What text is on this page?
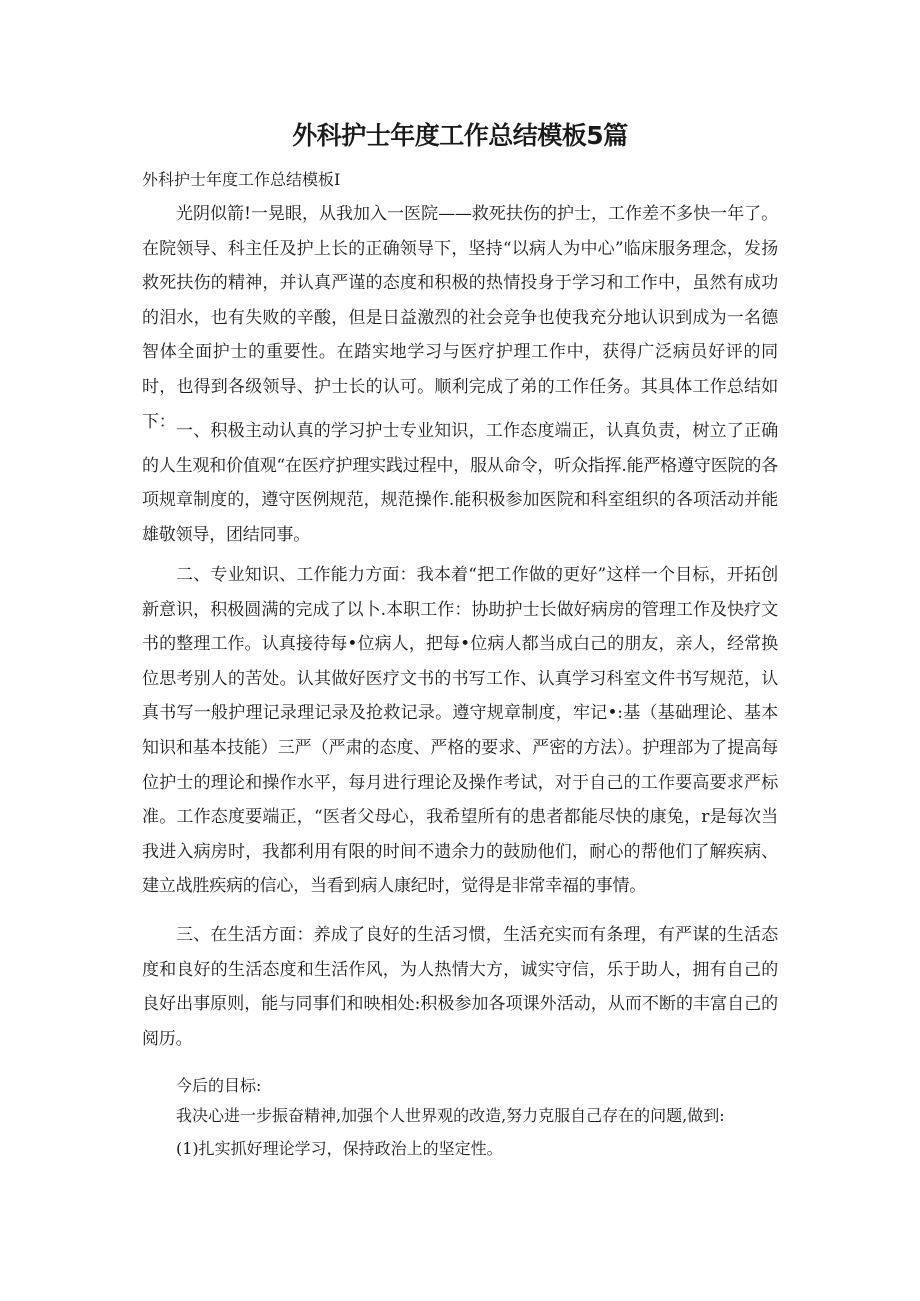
外科护士年度工作总结模板5篇

外科护士年度工作总结模板I

光阴似箭!一晃眼，从我加入一医院——救死扶伤的护士，工作差不多快一年了。在院领导、科主任及护上长的正确领导下，坚持“以病人为中心”临床服务理念，发扬救死扶伤的精神，并认真严谨的态度和积极的热情投身于学习和工作中，虽然有成功的泪水，也有失败的辛酸，但是日益激烈的社会竞争也使我充分地认识到成为一名德智体全面护士的重要性。在踏实地学习与医疗护理工作中，获得广泛病员好评的同时，也得到各级领导、护士长的认可。顺利完成了弟的工作任务。其具体工作总结如下： 一、积极主动认真的学习护士专业知识，工作态度端正，认真负责，树立了正确的人生观和价值观“在医疗护理实践过程中，服从命令，听众指挥.能严格遵守医院的各项规章制度的，遵守医例规范，规范操作.能积极参加医院和科室组织的各项活动并能雄敬领导，团结同事。

二、专业知识、工作能力方面：我本着“把工作做的更好”这样一个目标，开拓创新意识，积极圆满的完成了以卜.本职工作：协助护士长做好病房的管理工作及快疗文书的整理工作。认真接待每•位病人，把每•位病人都当成白己的朋友，亲人，经常换位思考别人的苦处。认其做好医疗文书的书写工作、认真学习科室文件书写规范，认真书写一般护理记录理记录及抢救记录。遵守规章制度，牢记•:基（基础理论、基本知识和基本技能）三严（严肃的态度、严格的要求、严密的方法）。护理部为了提高每位护士的理论和操作水平，每月进行理论及操作考试，对于自己的工作要高要求严标准。工作态度要端正，“医者父母心，我希望所有的患者都能尽快的康兔，r是每次当我进入病房时，我都利用有限的时间不遗余力的鼓励他们，耐心的帮他们了解疾病、建立战胜疾病的信心，当看到病人康纪时，觉得是非常幸福的事情。

三、在生活方面：养成了良好的生活习惯，生活充实而有条理，有严谋的生活态度和良好的生活态度和生活作风，为人热情大方，诚实守信，乐于助人，拥有自己的良好出事原则，能与同事们和映相处:积极参加各项课外活动，从而不断的丰富自己的阅历。

今后的目标:

我决心进一步振奋精神,加强个人世界观的改造,努力克服自己存在的问题,做到:

(1)扎实抓好理论学习，保持政治上的坚定性。
